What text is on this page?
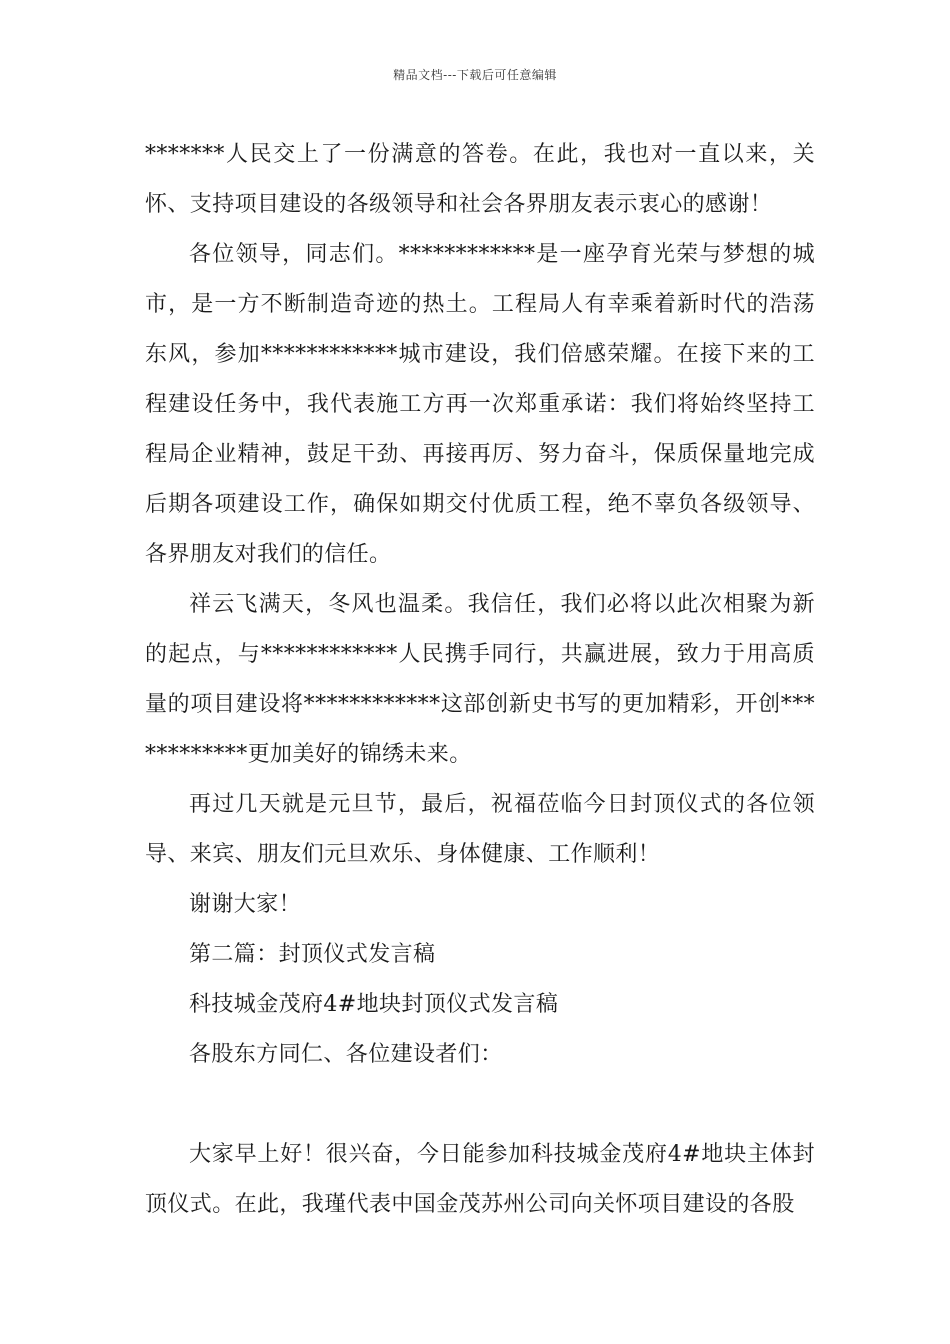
精品文档---下载后可任意编辑

*******人民交上了一份满意的答卷。在此，我也对一直以来，关怀、支持项目建设的各级领导和社会各界朋友表示衷心的感谢！

各位领导，同志们。************是一座孕育光荣与梦想的城市，是一方不断制造奇迹的热土。工程局人有幸乘着新时代的浩荡东风，参加************城市建设，我们倍感荣耀。在接下来的工程建设任务中，我代表施工方再一次郑重承诺：我们将始终坚持工程局企业精神，鼓足干劲、再接再厉、努力奋斗，保质保量地完成后期各项建设工作，确保如期交付优质工程，绝不辜负各级领导、各界朋友对我们的信任。

祥云飞满天，冬风也温柔。我信任，我们必将以此次相聚为新的起点，与************人民携手同行，共赢进展，致力于用高质量的项目建设将************这部创新史书写的更加精彩，开创************更加美好的锦绣未来。

再过几天就是元旦节，最后，祝福莅临今日封顶仪式的各位领导、来宾、朋友们元旦欢乐、身体健康、工作顺利！

谢谢大家！

第二篇：封顶仪式发言稿

科技城金茂府4#地块封顶仪式发言稿

各股东方同仁、各位建设者们：

大家早上好！很兴奋，今日能参加科技城金茂府4#地块主体封顶仪式。在此，我瑾代表中国金茂苏州公司向关怀项目建设的各股
